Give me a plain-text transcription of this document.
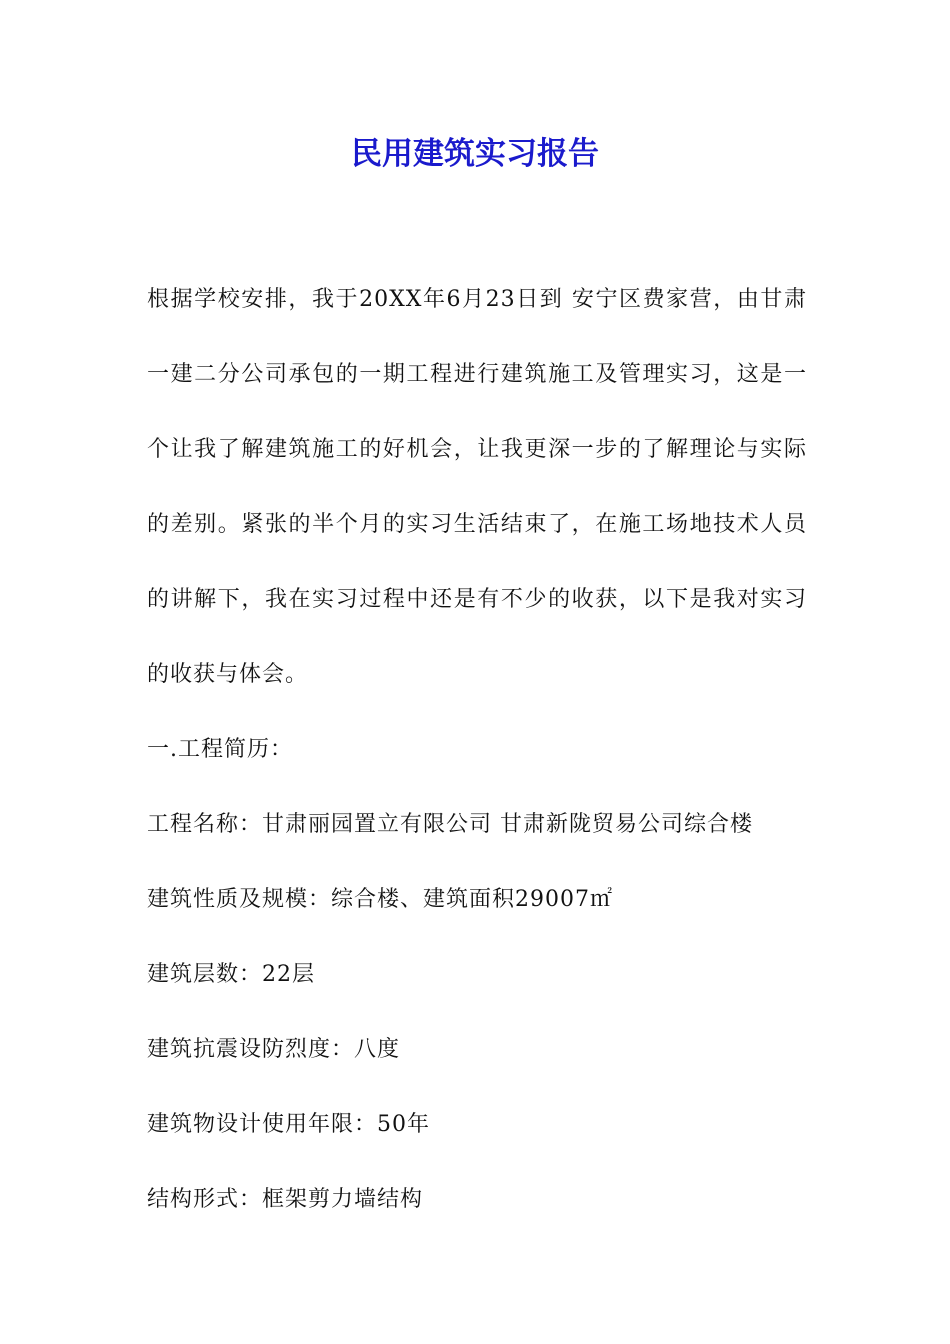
民用建筑实习报告

根据学校安排，我于20XX年6月23日到 安宁区费家营，由甘肃一建二分公司承包的一期工程进行建筑施工及管理实习，这是一个让我了解建筑施工的好机会，让我更深一步的了解理论与实际的差别。紧张的半个月的实习生活结束了，在施工场地技术人员的讲解下，我在实习过程中还是有不少的收获，以下是我对实习的收获与体会。

一.工程简历：

工程名称：甘肃丽园置立有限公司 甘肃新陇贸易公司综合楼

建筑性质及规模：综合楼、建筑面积29007㎡

建筑层数：22层

建筑抗震设防烈度：八度

建筑物设计使用年限：50年

结构形式：框架剪力墙结构
